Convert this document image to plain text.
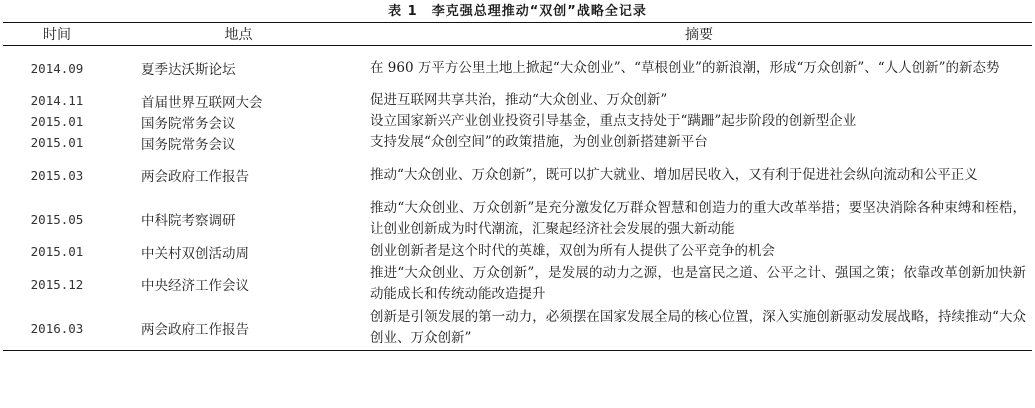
表 1 李克强总理推动“双创”战略全记录
时间	地点	摘要
2014.09	夏季达沃斯论坛	在 960 万平方公里土地上掀起“大众创业”、“草根创业”的新浪潮，形成“万众创新”、“人人创新”的新态势
2014.11	首届世界互联网大会	促进互联网共享共治，推动“大众创业、万众创新”
2015.01	国务院常务会议	设立国家新兴产业创业投资引导基金，重点支持处于“蹒跚”起步阶段的创新型企业
2015.01	国务院常务会议	支持发展“众创空间”的政策措施，为创业创新搭建新平台
2015.03	两会政府工作报告	推动“大众创业、万众创新”，既可以扩大就业、增加居民收入，又有利于促进社会纵向流动和公平正义
2015.05	中科院考察调研	推动“大众创业、万众创新”是充分激发亿万群众智慧和创造力的重大改革举措；要坚决消除各种束缚和桎梏，让创业创新成为时代潮流，汇聚起经济社会发展的强大新动能
2015.01	中关村双创活动周	创业创新者是这个时代的英雄，双创为所有人提供了公平竞争的机会
2015.12	中央经济工作会议	推进“大众创业、万众创新”，是发展的动力之源，也是富民之道、公平之计、强国之策；依靠改革创新加快新动能成长和传统动能改造提升
2016.03	两会政府工作报告	创新是引领发展的第一动力，必须摆在国家发展全局的核心位置，深入实施创新驱动发展战略，持续推动“大众创业、万众创新”
